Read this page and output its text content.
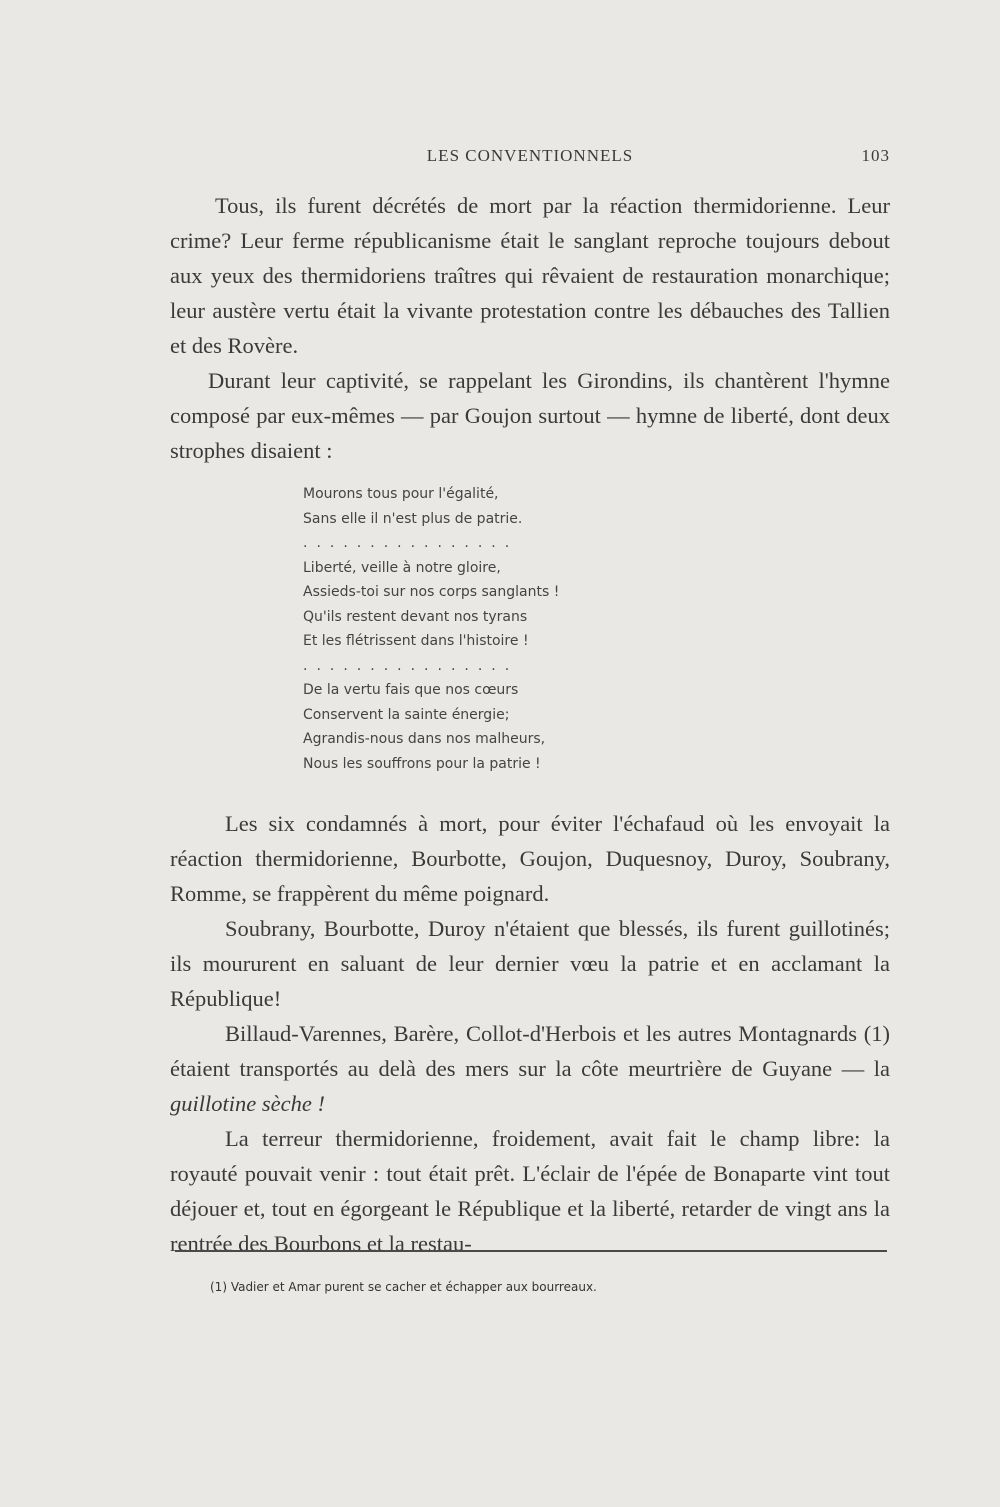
LES CONVENTIONNELS	103

Tous, ils furent décrétés de mort par la réaction thermidorienne. Leur crime? Leur ferme républicanisme était le sanglant reproche toujours debout aux yeux des thermidoriens traîtres qui rêvaient de restauration monarchique; leur austère vertu était la vivante protestation contre les débauches des Tallien et des Rovère.

Durant leur captivité, se rappelant les Girondins, ils chantèrent l'hymne composé par eux-mêmes — par Goujon surtout — hymne de liberté, dont deux strophes disaient :

Mourons tous pour l'égalité,
Sans elle il n'est plus de patrie.
................
Liberté, veille à notre gloire,
Assieds-toi sur nos corps sanglants !
Qu'ils restent devant nos tyrans
Et les flétrissent dans l'histoire !
................
De la vertu fais que nos cœurs
Conservent la sainte énergie;
Agrandis-nous dans nos malheurs,
Nous les souffrons pour la patrie !

Les six condamnés à mort, pour éviter l'échafaud où les envoyait la réaction thermidorienne, Bourbotte, Goujon, Duquesnoy, Duroy, Soubrany, Romme, se frappèrent du même poignard.

Soubrany, Bourbotte, Duroy n'étaient que blessés, ils furent guillotinés; ils moururent en saluant de leur dernier vœu la patrie et en acclamant la République!

Billaud-Varennes, Barère, Collot-d'Herbois et les autres Montagnards (1) étaient transportés au delà des mers sur la côte meurtrière de Guyane — la guillotine sèche !

La terreur thermidorienne, froidement, avait fait le champ libre: la royauté pouvait venir : tout était prêt. L'éclair de l'épée de Bonaparte vint tout déjouer et, tout en égorgeant le République et la liberté, retarder de vingt ans la rentrée des Bourbons et la restau-

(1) Vadier et Amar purent se cacher et échapper aux bourreaux.
